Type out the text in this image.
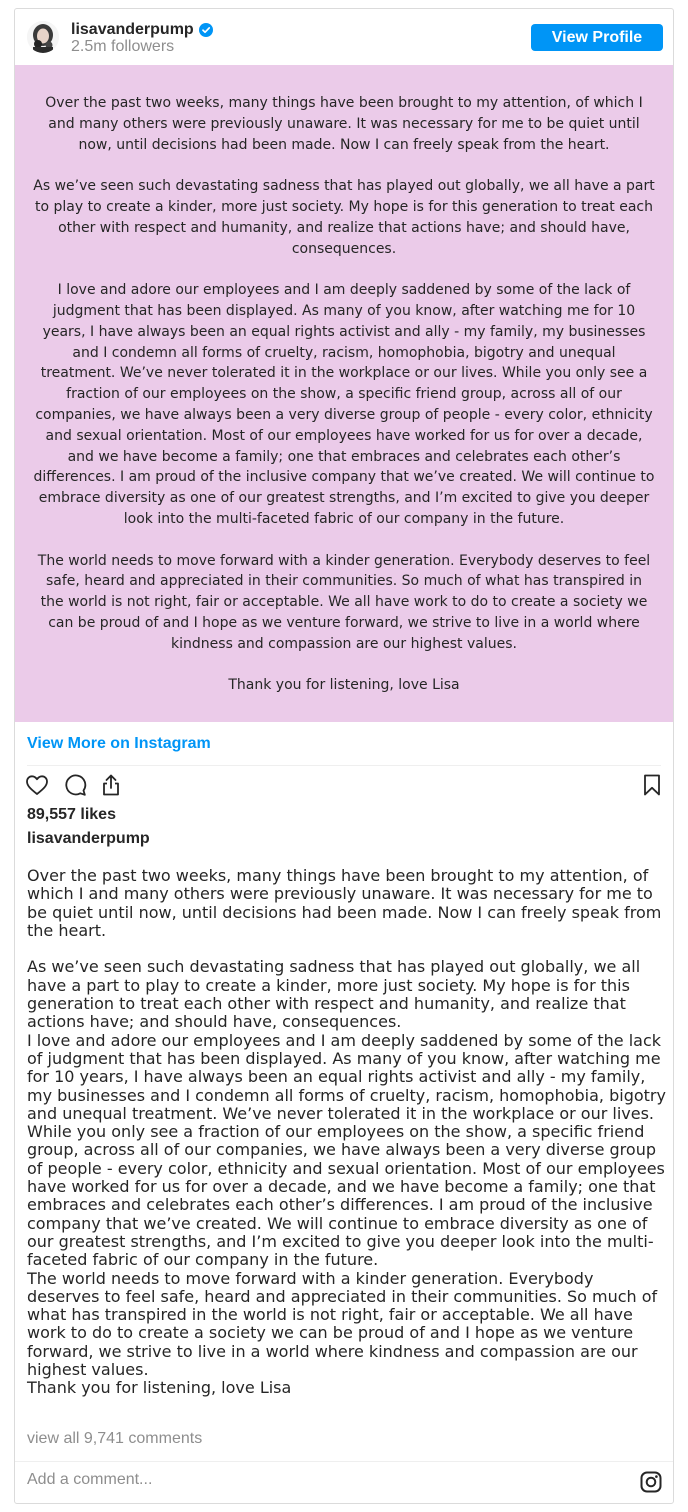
lisavanderpump
2.5m followers
View Profile

Over the past two weeks, many things have been brought to my attention, of which I and many others were previously unaware. It was necessary for me to be quiet until now, until decisions had been made. Now I can freely speak from the heart.

As we’ve seen such devastating sadness that has played out globally, we all have a part to play to create a kinder, more just society. My hope is for this generation to treat each other with respect and humanity, and realize that actions have; and should have, consequences.

I love and adore our employees and I am deeply saddened by some of the lack of judgment that has been displayed. As many of you know, after watching me for 10 years, I have always been an equal rights activist and ally - my family, my businesses and I condemn all forms of cruelty, racism, homophobia, bigotry and unequal treatment. We’ve never tolerated it in the workplace or our lives. While you only see a fraction of our employees on the show, a specific friend group, across all of our companies, we have always been a very diverse group of people - every color, ethnicity and sexual orientation. Most of our employees have worked for us for over a decade, and we have become a family; one that embraces and celebrates each other’s differences. I am proud of the inclusive company that we’ve created. We will continue to embrace diversity as one of our greatest strengths, and I’m excited to give you deeper look into the multi-faceted fabric of our company in the future.

The world needs to move forward with a kinder generation. Everybody deserves to feel safe, heard and appreciated in their communities. So much of what has transpired in the world is not right, fair or acceptable. We all have work to do to create a society we can be proud of and I hope as we venture forward, we strive to live in a world where kindness and compassion are our highest values.

Thank you for listening, love Lisa

View More on Instagram
89,557 likes
lisavanderpump

Over the past two weeks, many things have been brought to my attention, of which I and many others were previously unaware. It was necessary for me to be quiet until now, until decisions had been made. Now I can freely speak from the heart.

As we’ve seen such devastating sadness that has played out globally, we all have a part to play to create a kinder, more just society. My hope is for this generation to treat each other with respect and humanity, and realize that actions have; and should have, consequences.

I love and adore our employees and I am deeply saddened by some of the lack of judgment that has been displayed. As many of you know, after watching me for 10 years, I have always been an equal rights activist and ally - my family, my businesses and I condemn all forms of cruelty, racism, homophobia, bigotry and unequal treatment. We’ve never tolerated it in the workplace or our lives. While you only see a fraction of our employees on the show, a specific friend group, across all of our companies, we have always been a very diverse group of people - every color, ethnicity and sexual orientation. Most of our employees have worked for us for over a decade, and we have become a family; one that embraces and celebrates each other’s differences. I am proud of the inclusive company that we’ve created. We will continue to embrace diversity as one of our greatest strengths, and I’m excited to give you deeper look into the multi-faceted fabric of our company in the future.

The world needs to move forward with a kinder generation. Everybody deserves to feel safe, heard and appreciated in their communities. So much of what has transpired in the world is not right, fair or acceptable. We all have work to do to create a society we can be proud of and I hope as we venture forward, we strive to live in a world where kindness and compassion are our highest values.

Thank you for listening, love Lisa

view all 9,741 comments
Add a comment...
